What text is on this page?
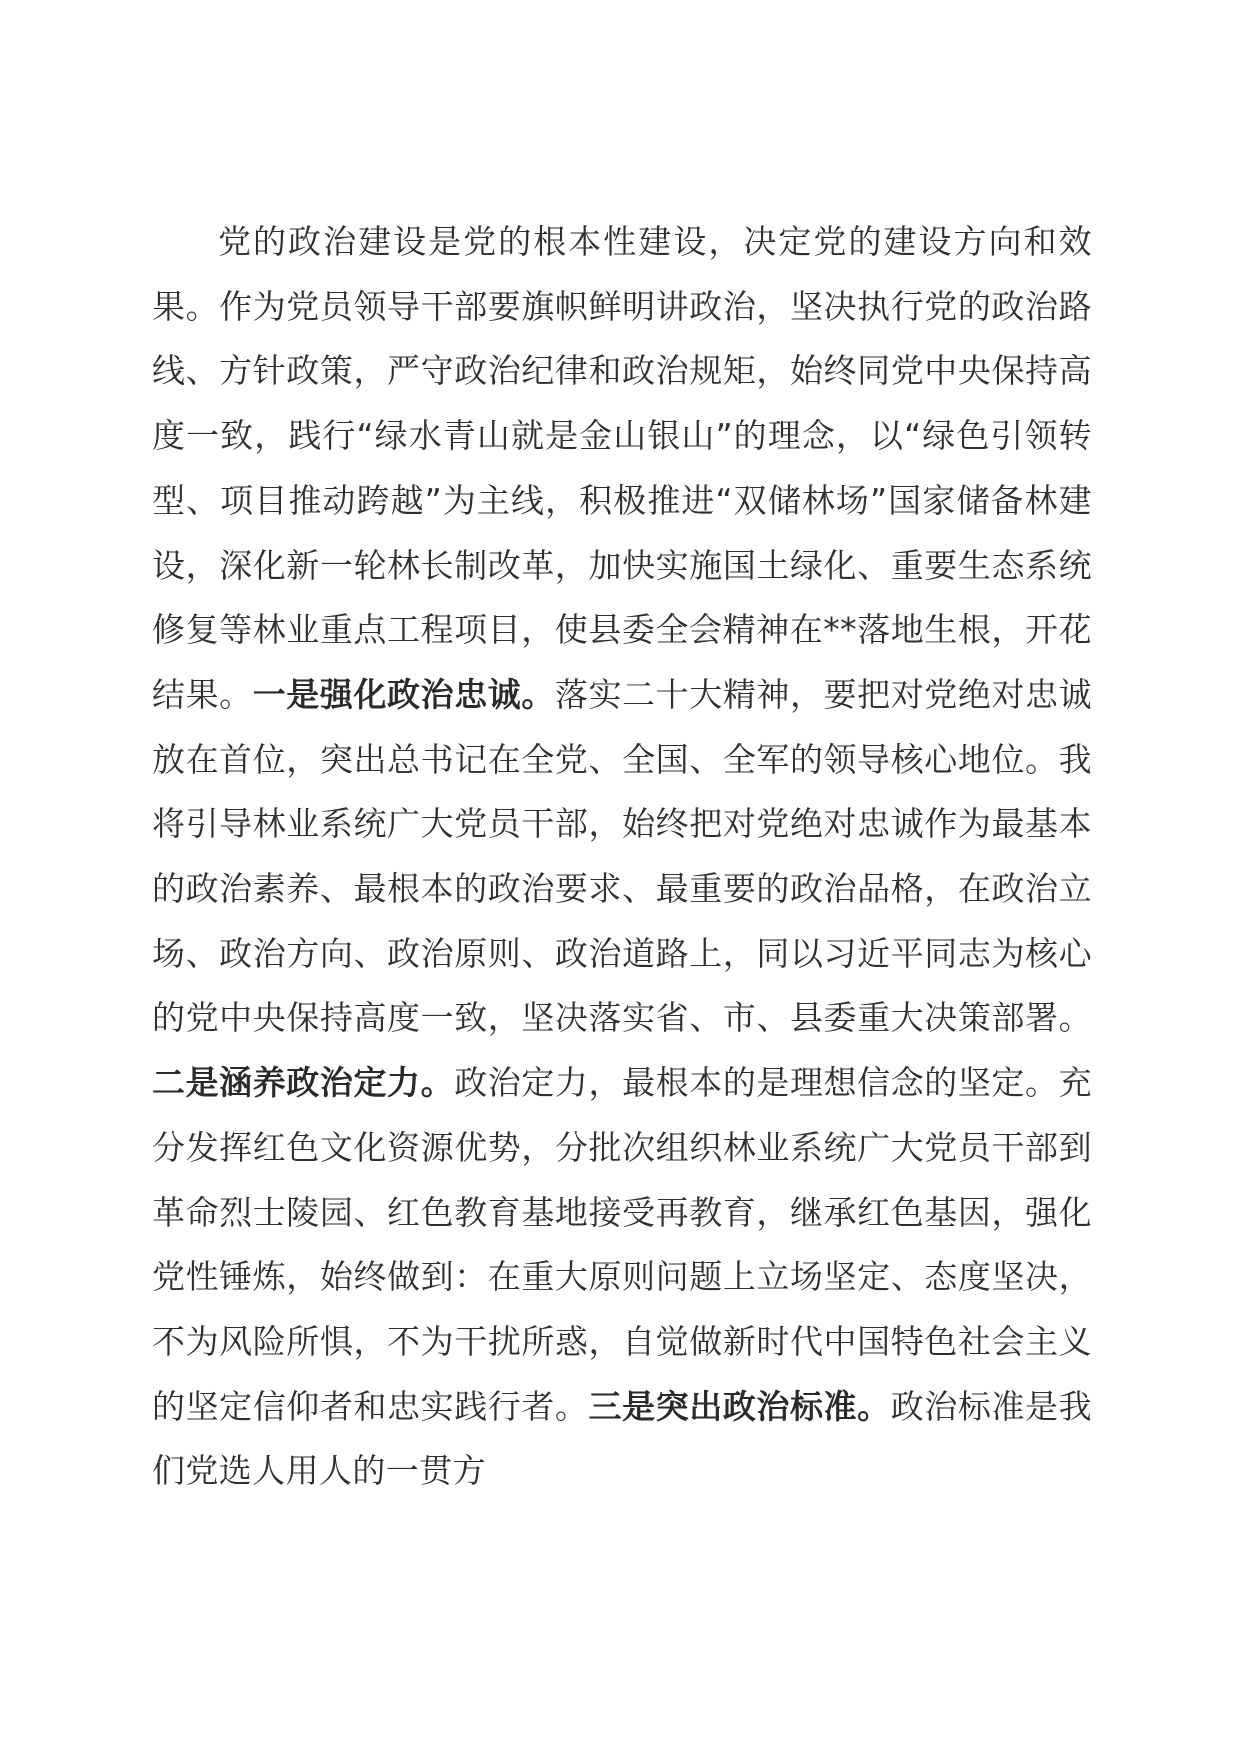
党的政治建设是党的根本性建设，决定党的建设方向和效果。作为党员领导干部要旗帜鲜明讲政治，坚决执行党的政治路线、方针政策，严守政治纪律和政治规矩，始终同党中央保持高度一致，践行“绿水青山就是金山银山”的理念，以“绿色引领转型、项目推动跨越”为主线，积极推进“双储林场”国家储备林建设，深化新一轮林长制改革，加快实施国土绿化、重要生态系统修复等林业重点工程项目，使县委全会精神在**落地生根，开花结果。一是强化政治忠诚。落实二十大精神，要把对党绝对忠诚放在首位，突出总书记在全党、全国、全军的领导核心地位。我将引导林业系统广大党员干部，始终把对党绝对忠诚作为最基本的政治素养、最根本的政治要求、最重要的政治品格，在政治立场、政治方向、政治原则、政治道路上，同以习近平同志为核心的党中央保持高度一致，坚决落实省、市、县委重大决策部署。二是涵养政治定力。政治定力，最根本的是理想信念的坚定。充分发挥红色文化资源优势，分批次组织林业系统广大党员干部到革命烈士陵园、红色教育基地接受再教育，继承红色基因，强化党性锤炼，始终做到：在重大原则问题上立场坚定、态度坚决，不为风险所惧，不为干扰所惑，自觉做新时代中国特色社会主义的坚定信仰者和忠实践行者。三是突出政治标准。政治标准是我们党选人用人的一贯方
